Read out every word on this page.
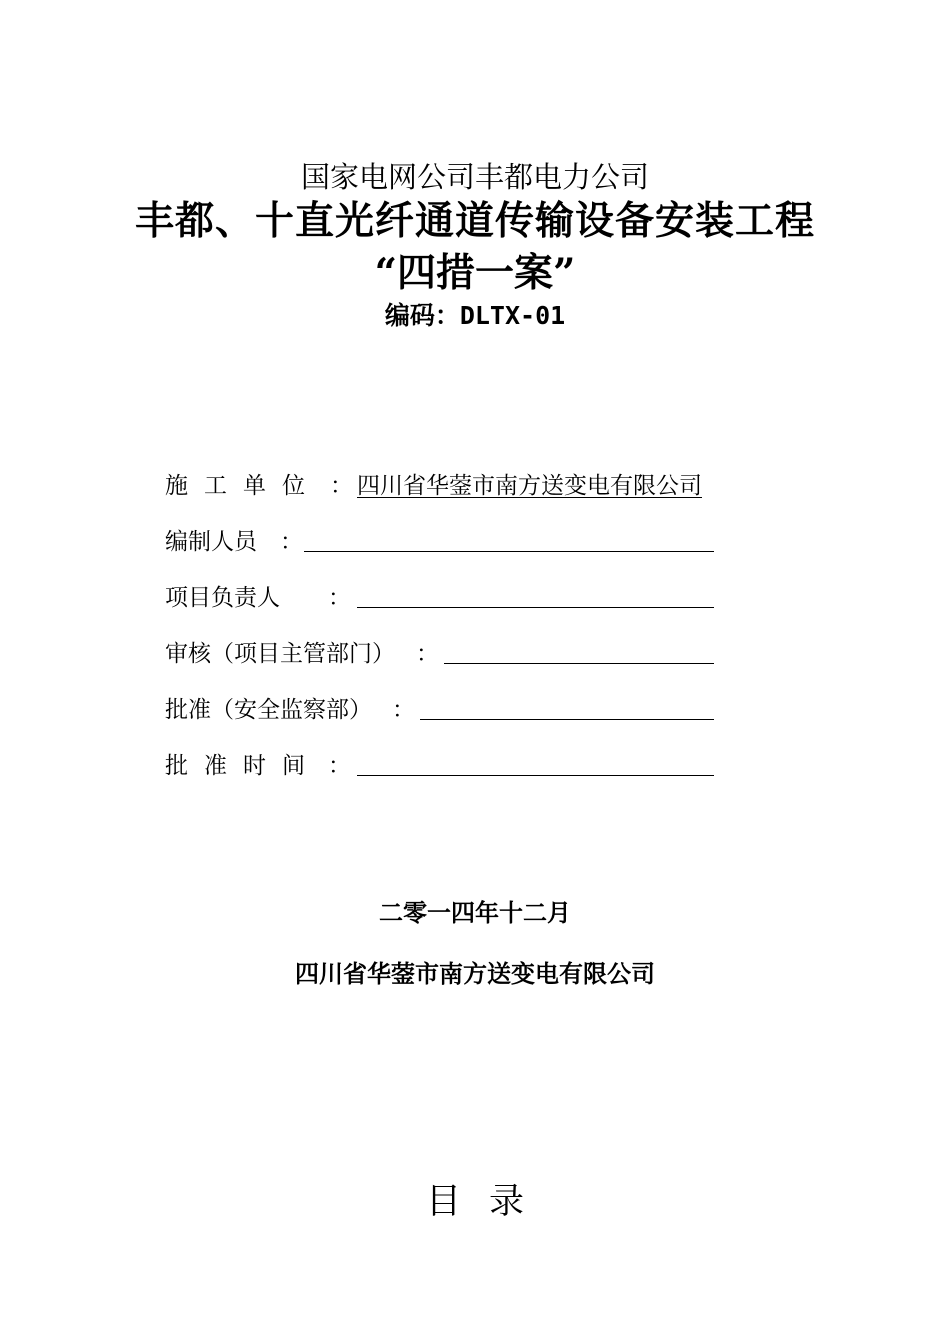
国家电网公司丰都电力公司
丰都、十直光纤通道传输设备安装工程
“四措一案”
编码：DLTX-01
施工单位 ： 四川省华蓥市南方送变电有限公司
编制人员 ：
项目负责人 ：
审核（项目主管部门） ：
批准（安全监察部） ：
批准时间 ：
二零一四年十二月
四川省华蓥市南方送变电有限公司
目录
